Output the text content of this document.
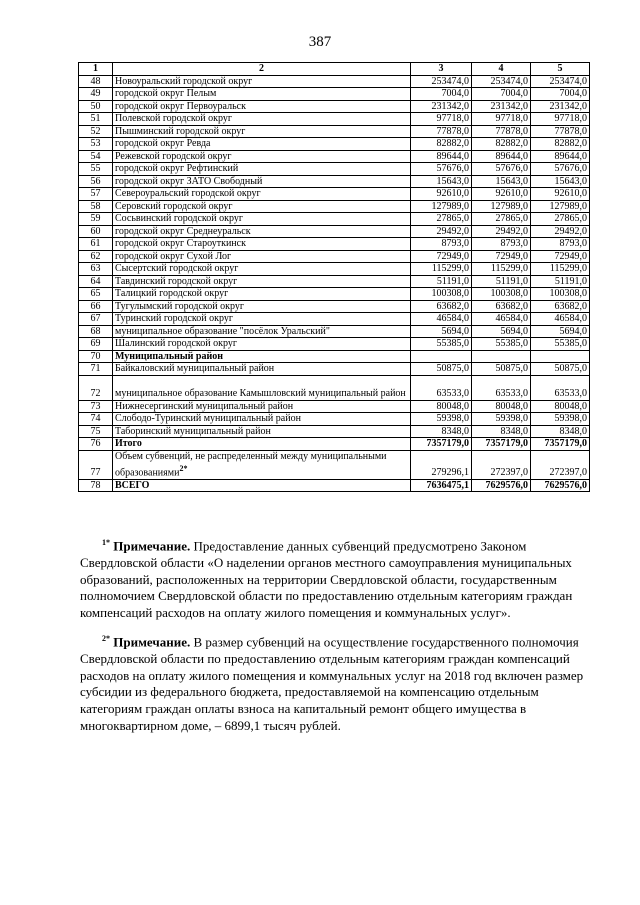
387
1	2	3	4	5
48	Новоуральский городской округ	253474,0	253474,0	253474,0
49	городской округ Пелым	7004,0	7004,0	7004,0
50	городской округ Первоуральск	231342,0	231342,0	231342,0
51	Полевской городской округ	97718,0	97718,0	97718,0
52	Пышминский городской округ	77878,0	77878,0	77878,0
53	городской округ Ревда	82882,0	82882,0	82882,0
54	Режевской городской округ	89644,0	89644,0	89644,0
55	городской округ Рефтинский	57676,0	57676,0	57676,0
56	городской округ ЗАТО Свободный	15643,0	15643,0	15643,0
57	Североуральский городской округ	92610,0	92610,0	92610,0
58	Серовский городской округ	127989,0	127989,0	127989,0
59	Сосьвинский городской округ	27865,0	27865,0	27865,0
60	городской округ Среднеуральск	29492,0	29492,0	29492,0
61	городской округ Староуткинск	8793,0	8793,0	8793,0
62	городской округ Сухой Лог	72949,0	72949,0	72949,0
63	Сысертский городской округ	115299,0	115299,0	115299,0
64	Тавдинский городской округ	51191,0	51191,0	51191,0
65	Талицкий городской округ	100308,0	100308,0	100308,0
66	Тугулымский городской округ	63682,0	63682,0	63682,0
67	Туринский городской округ	46584,0	46584,0	46584,0
68	муниципальное образование "посёлок Уральский"	5694,0	5694,0	5694,0
69	Шалинский городской округ	55385,0	55385,0	55385,0
70	Муниципальный район			
71	Байкаловский муниципальный район	50875,0	50875,0	50875,0
72	муниципальное образование Камышловский муниципальный район	63533,0	63533,0	63533,0
73	Нижнесергинский муниципальный район	80048,0	80048,0	80048,0
74	Слободо-Туринский муниципальный район	59398,0	59398,0	59398,0
75	Таборинский муниципальный район	8348,0	8348,0	8348,0
76	Итого	7357179,0	7357179,0	7357179,0
77	Объем субвенций, не распределенный между муниципальными образованиями$^{2*}$	279296,1	272397,0	272397,0
78	ВСЕГО	7636475,1	7629576,0	7629576,0

$^{1*}$ Примечание. Предоставление данных субвенций предусмотрено Законом Свердловской области «О наделении органов местного самоуправления муниципальных образований, расположенных на территории Свердловской области, государственным полномочием Свердловской области по предоставлению отдельным категориям граждан компенсаций расходов на оплату жилого помещения и коммунальных услуг».

$^{2*}$ Примечание. В размер субвенций на осуществление государственного полномочия Свердловской области по предоставлению отдельным категориям граждан компенсаций расходов на оплату жилого помещения и коммунальных услуг на 2018 год включен размер субсидии из федерального бюджета, предоставляемой на компенсацию отдельным категориям граждан оплаты взноса на капитальный ремонт общего имущества в многоквартирном доме, – 6899,1 тысяч рублей.
